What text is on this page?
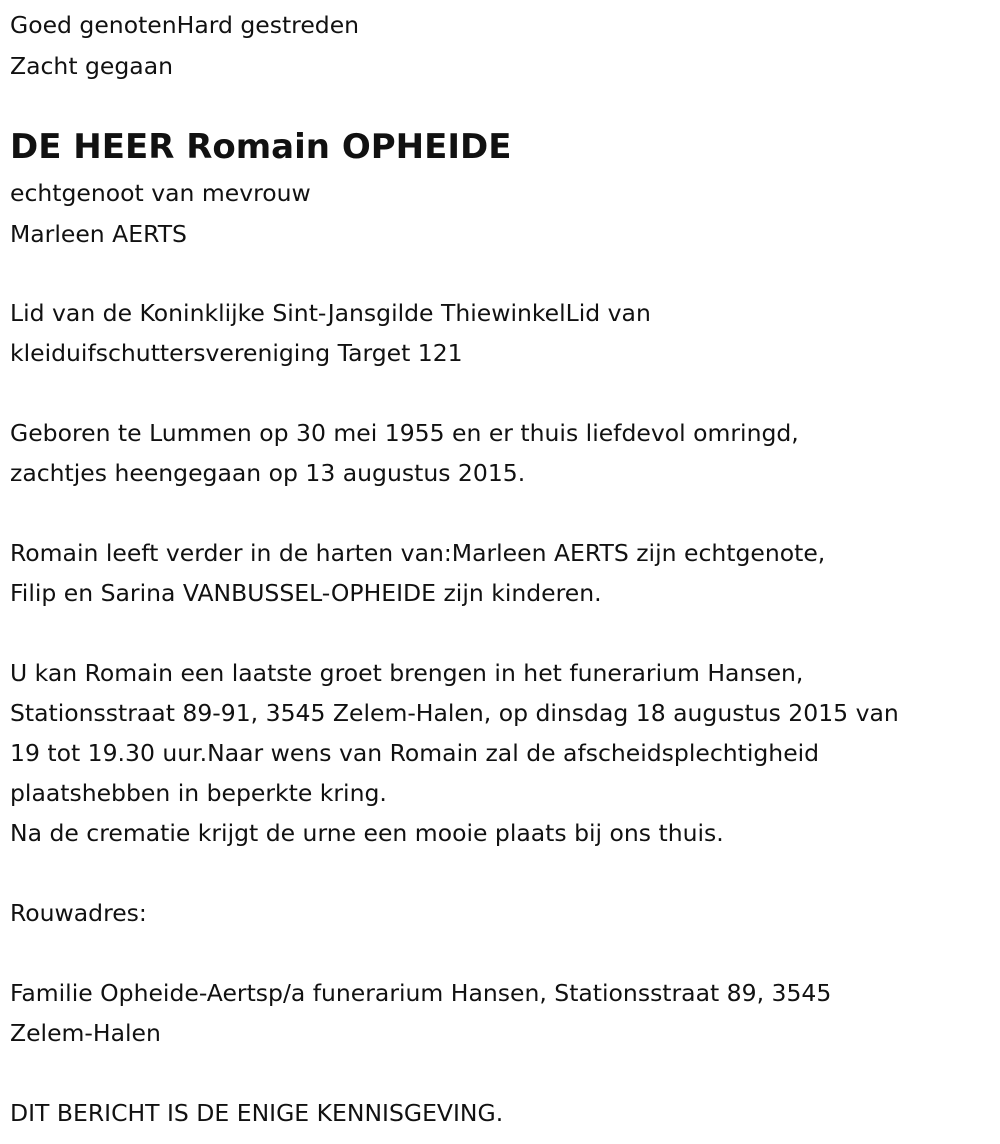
Goed genotenHard gestreden
Zacht gegaan
DE HEER Romain OPHEIDE
echtgenoot van mevrouw
Marleen AERTS
Lid van de Koninklijke Sint-Jansgilde ThiewinkelLid van
kleiduifschuttersvereniging Target 121
Geboren te Lummen op 30 mei 1955 en er thuis liefdevol omringd,
zachtjes heengegaan op 13 augustus 2015.
Romain leeft verder in de harten van:Marleen AERTS zijn echtgenote,
Filip en Sarina VANBUSSEL-OPHEIDE zijn kinderen.
U kan Romain een laatste groet brengen in het funerarium Hansen,
Stationsstraat 89-91, 3545 Zelem-Halen, op dinsdag 18 augustus 2015 van
19 tot 19.30 uur.Naar wens van Romain zal de afscheidsplechtigheid
plaatshebben in beperkte kring.
Na de crematie krijgt de urne een mooie plaats bij ons thuis.
Rouwadres:
Familie Opheide-Aertsp/a funerarium Hansen, Stationsstraat 89, 3545
Zelem-Halen
DIT BERICHT IS DE ENIGE KENNISGEVING.
